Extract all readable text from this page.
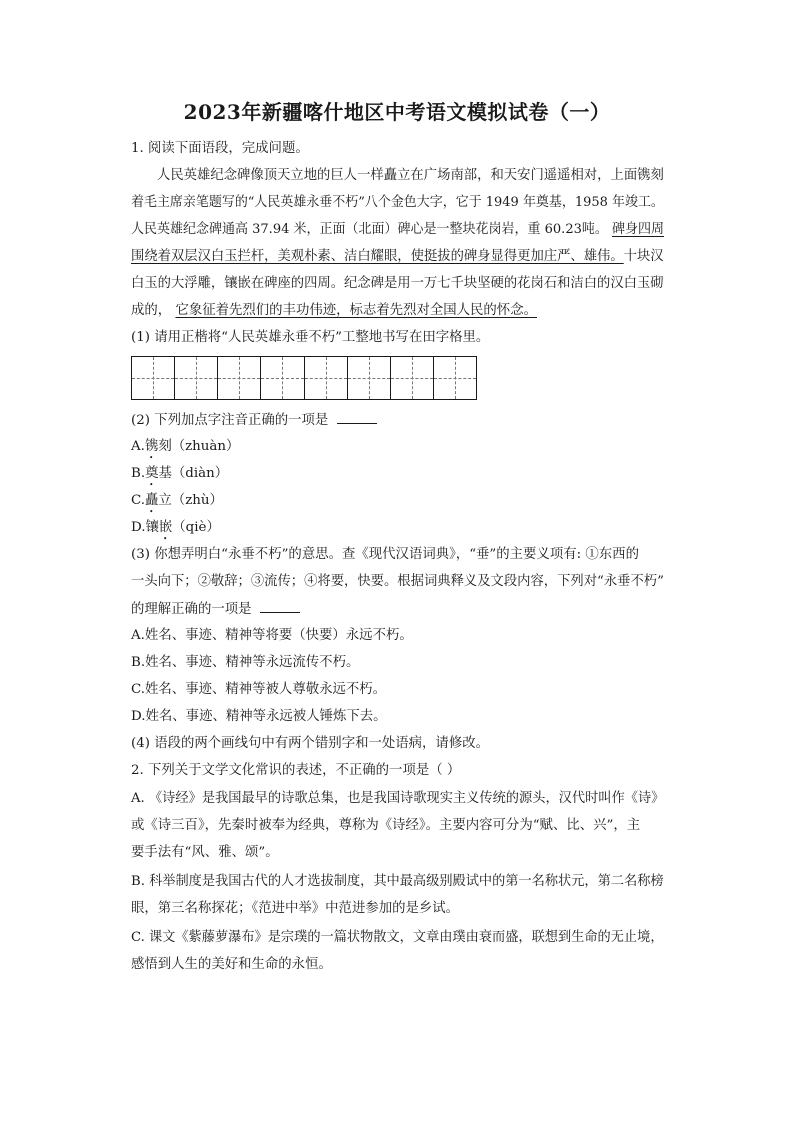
2023年新疆喀什地区中考语文模拟试卷（一）
1. 阅读下面语段，完成问题。
人民英雄纪念碑像顶天立地的巨人一样矗立在广场南部，和天安门遥遥相对，上面镌刻
着毛主席亲笔题写的“人民英雄永垂不朽”八个金色大字，它于 1949 年奠基，1958 年竣工。
人民英雄纪念碑通高 37.94 米，正面（北面）碑心是一整块花岗岩，重 60.23吨。 碑身四周
围绕着双层汉白玉拦杆，美观朴素、洁白耀眼，使挺拔的碑身显得更加庄严、雄伟。十块汉
白玉的大浮雕，镶嵌在碑座的四周。纪念碑是用一万七千块坚硬的花岗石和洁白的汉白玉砌
成的， 它象征着先烈们的丰功伟迹，标志着先烈对全国人民的怀念。
(1) 请用正楷将“人民英雄永垂不朽”工整地书写在田字格里。
(2) 下列加点字注音正确的一项是
A.镌刻（zhuàn）
B.奠基（diàn）
C.矗立（zhù）
D.镶嵌（qiè）
(3) 你想弄明白“永垂不朽”的意思。查《现代汉语词典》，“垂”的主要义项有: ①东西的
一头向下；②敬辞；③流传；④将要，快要。根据词典释义及文段内容，下列对“永垂不朽”
的理解正确的一项是
A.姓名、事迹、精神等将要（快要）永远不朽。
B.姓名、事迹、精神等永远流传不朽。
C.姓名、事迹、精神等被人尊敬永远不朽。
D.姓名、事迹、精神等永远被人锤炼下去。
(4) 语段的两个画线句中有两个错别字和一处语病，请修改。
2. 下列关于文学文化常识的表述，不正确的一项是（ ）
A. 《诗经》是我国最早的诗歌总集，也是我国诗歌现实主义传统的源头，汉代时叫作《诗》
或《诗三百》，先秦时被奉为经典，尊称为《诗经》。主要内容可分为“赋、比、兴”，主
要手法有“风、雅、颂”。
B. 科举制度是我国古代的人才选拔制度，其中最高级别殿试中的第一名称状元，第二名称榜
眼，第三名称探花；《范进中举》中范进参加的是乡试。
C. 课文《紫藤萝瀑布》是宗璞的一篇状物散文，文章由璞由衰而盛，联想到生命的无止境，
感悟到人生的美好和生命的永恒。
